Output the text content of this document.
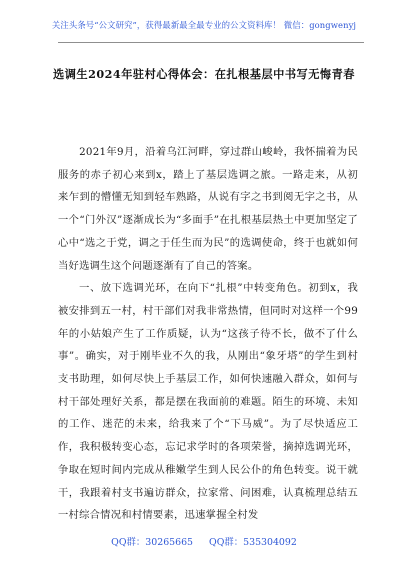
关注头条号“公文研究”，获得最新最全最专业的公文资料库！ 微信：gongwenyj
选调生2024年驻村心得体会：在扎根基层中书写无悔青春

2021年9月，沿着乌江河畔，穿过群山峻岭，我怀揣着为民服务的赤子初心来到x，踏上了基层选调之旅。一路走来，从初来乍到的懵懂无知到轻车熟路，从说有字之书到阅无字之书，从一个“门外汉”逐渐成长为“多面手”在扎根基层热土中更加坚定了心中“选之于党，调之于任生而为民”的选调使命，终于也就如何当好选调生这个问题逐渐有了自己的答案。

一、放下选调光环，在向下“扎根”中转变角色。初到x，我被安排到五一村，村干部们对我非常热情，但同时对这样一个99年的小姑娘产生了工作质疑，认为“这孩子待不长，做不了什么事”。确实，对于刚毕业不久的我，从刚出“象牙塔”的学生到村支书助理，如何尽快上手基层工作，如何快速融入群众，如何与村干部处理好关系，都是摆在我面前的难题。陌生的环境、未知的工作、迷茫的未来，给我来了个“下马威”。为了尽快适应工作，我积极转变心态，忘记求学时的各项荣誉，摘掉选调光环，争取在短时间内完成从稚嫩学生到人民公仆的角色转变。说干就干，我跟着村支书遍访群众，拉家常、问困难，认真梳理总结五一村综合情况和村情要素，迅速掌握全村发

QQ群：30265665 QQ群：535304092
